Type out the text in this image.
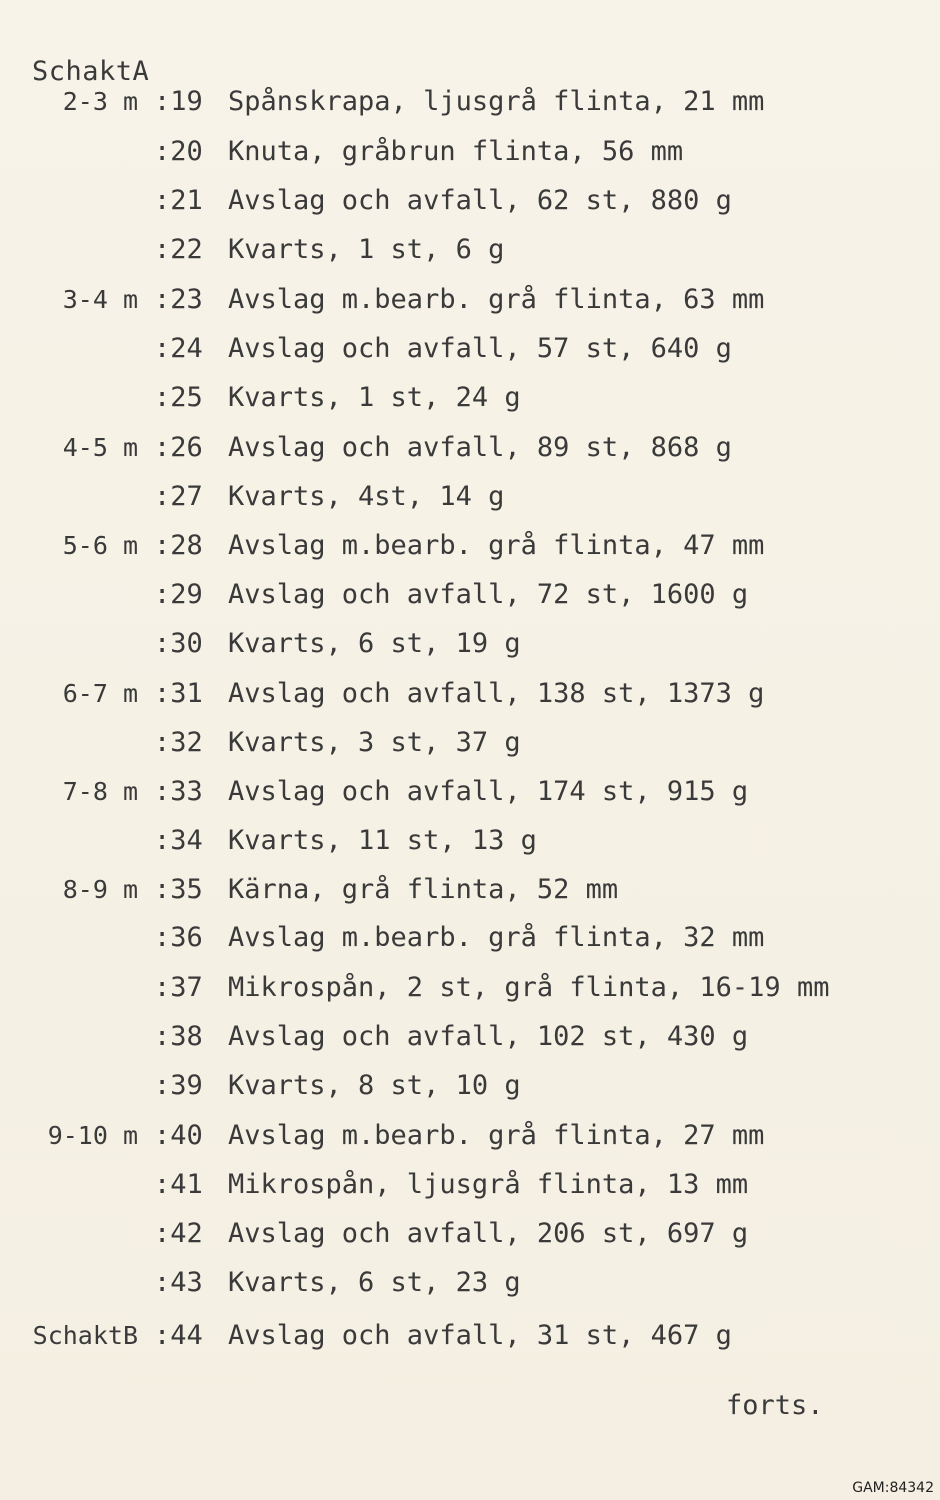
SchaktA
2-3 m :19 Spånskrapa, ljusgrå flinta, 21 mm
:20 Knuta, gråbrun flinta, 56 mm
:21 Avslag och avfall, 62 st, 880 g
:22 Kvarts, 1 st, 6 g
3-4 m :23 Avslag m.bearb. grå flinta, 63 mm
:24 Avslag och avfall, 57 st, 640 g
:25 Kvarts, 1 st, 24 g
4-5 m :26 Avslag och avfall, 89 st, 868 g
:27 Kvarts, 4st, 14 g
5-6 m :28 Avslag m.bearb. grå flinta, 47 mm
:29 Avslag och avfall, 72 st, 1600 g
:30 Kvarts, 6 st, 19 g
6-7 m :31 Avslag och avfall, 138 st, 1373 g
:32 Kvarts, 3 st, 37 g
7-8 m :33 Avslag och avfall, 174 st, 915 g
:34 Kvarts, 11 st, 13 g
8-9 m :35 Kärna, grå flinta, 52 mm
:36 Avslag m.bearb. grå flinta, 32 mm
:37 Mikrospån, 2 st, grå flinta, 16-19 mm
:38 Avslag och avfall, 102 st, 430 g
:39 Kvarts, 8 st, 10 g
9-10 m :40 Avslag m.bearb. grå flinta, 27 mm
:41 Mikrospån, ljusgrå flinta, 13 mm
:42 Avslag och avfall, 206 st, 697 g
:43 Kvarts, 6 st, 23 g
SchaktB :44 Avslag och avfall, 31 st, 467 g
forts.
GAM:84342
